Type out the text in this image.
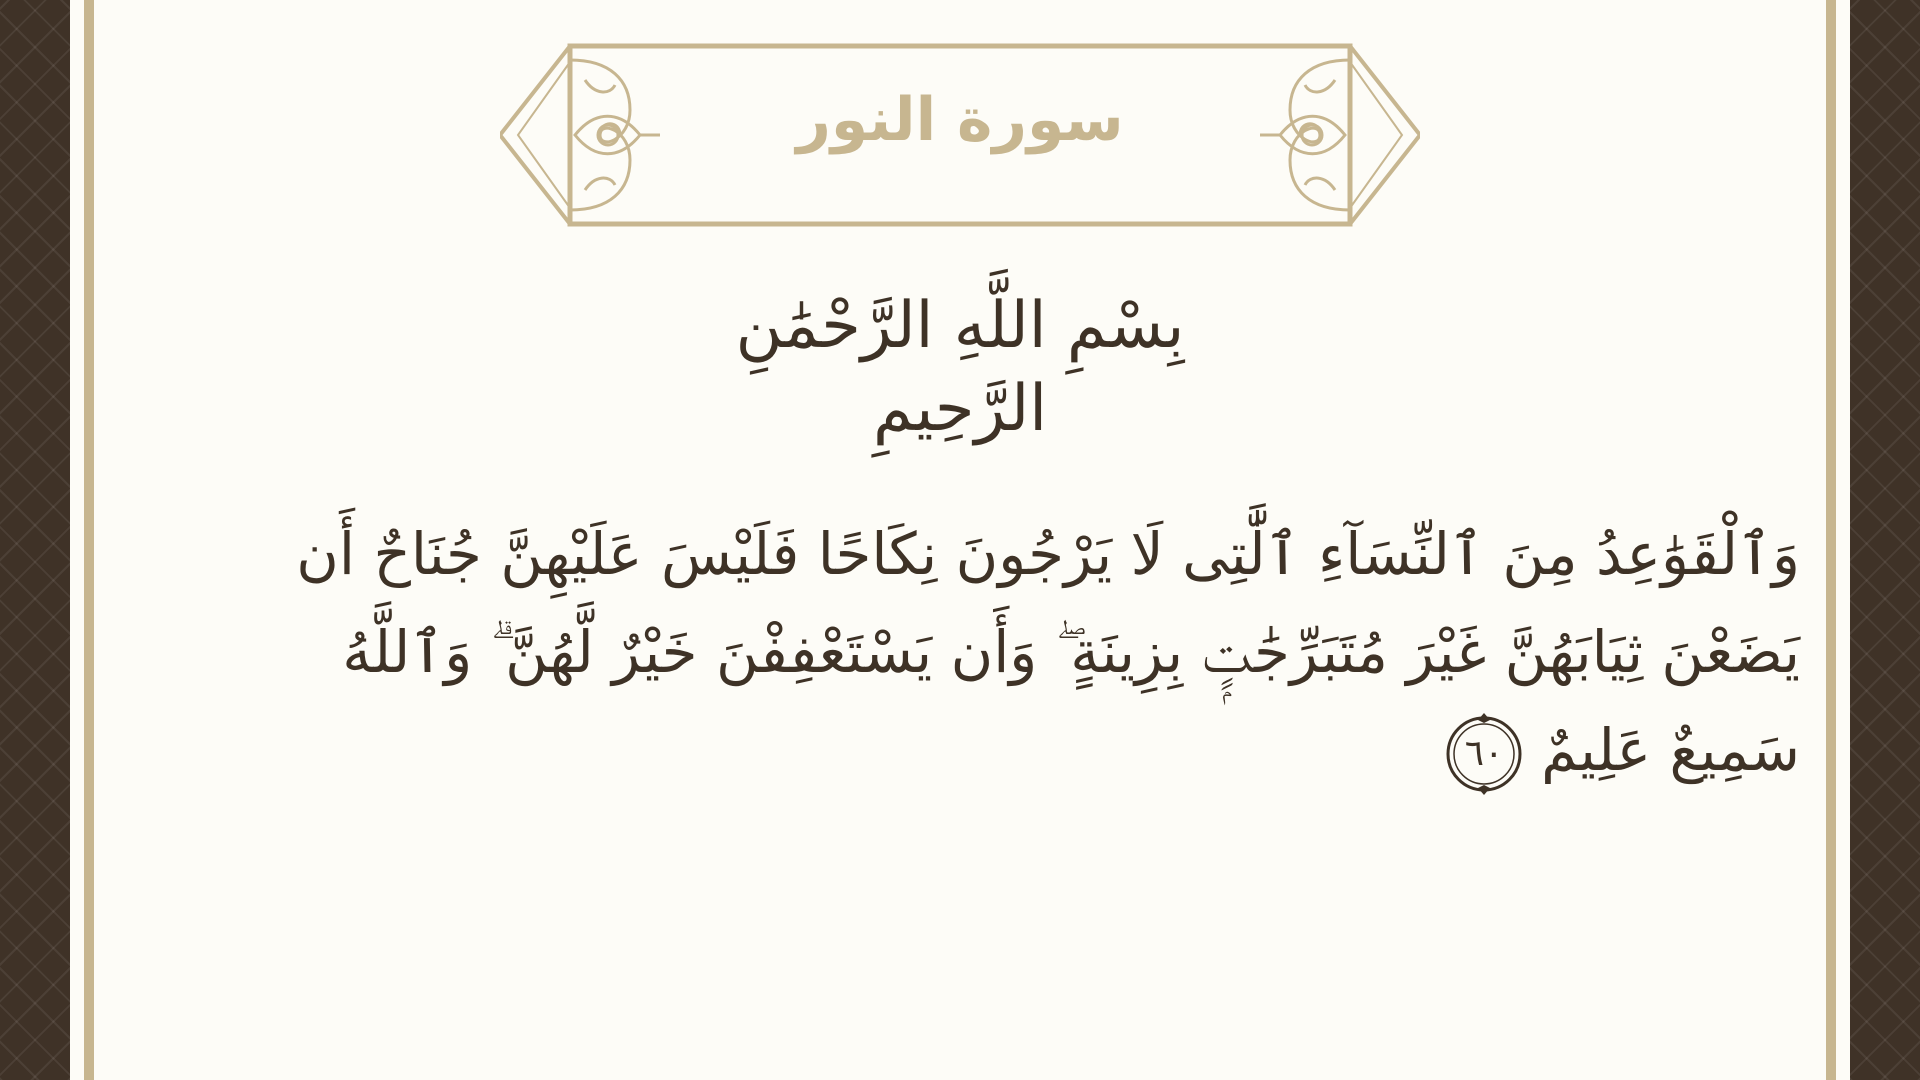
سورة النور
بِسْمِ اللَّهِ الرَّحْمَٰنِ الرَّحِيمِ

وَٱلْقَوَٰعِدُ مِنَ ٱلنِّسَآءِ ٱلَّٰتِى لَا يَرْجُونَ نِكَاحًا فَلَيْسَ عَلَيْهِنَّ جُنَاحٌ أَن
يَضَعْنَ ثِيَابَهُنَّ غَيْرَ مُتَبَرِّجَٰتٍۭ بِزِينَةٍ ۖ وَأَن يَسْتَعْفِفْنَ خَيْرٌ لَّهُنَّ ۗ وَٱللَّهُ
سَمِيعٌ عَلِيمٌ
٦٠
